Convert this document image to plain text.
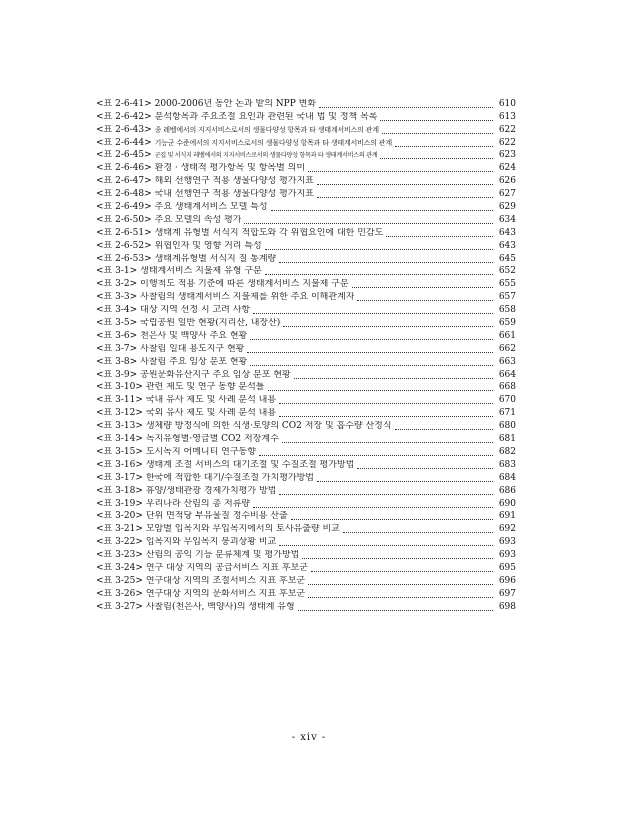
<표 2-6-41> 2000-2006년 동안 논과 밭의 NPP 변화	610
<표 2-6-42> 분석항목과 주요조절 요인과 관련된 국내 법 및 정책 목록	613
<표 2-6-43> 종 레벨에서의 지지서비스로서의 생물다양성 항목과 타 생태계서비스의 관계	622
<표 2-6-44> 기능군 수준에서의 지지서비스로서의 생물다양성 항목과 타 생태계서비스의 관계	622
<표 2-6-45> 군집 및 서식지 레벨에서의 지지서비스로서의 생물다양성 항목과 타 생태계서비스의 관계	623
<표 2-6-46> 환경 · 생태적 평가항목 및 항목별 의미	624
<표 2-6-47> 해외 선행연구 적용 생물다양성 평가지표	626
<표 2-6-48> 국내 선행연구 적용 생물다양성 평가지표	627
<표 2-6-49> 주요 생태계서비스 모델 특성	629
<표 2-6-50> 주요 모델의 속성 평가	634
<표 2-6-51> 생태계 유형별 서식지 적합도와 각 위협요인에 대한 민감도	643
<표 2-6-52> 위협인자 및 영향 거리 특성	643
<표 2-6-53> 생태계유형별 서식지 질 통계량	645
<표 3-1> 생태계서비스 지불제 유형 구분	652
<표 3-2> 이행척도 적용 기준에 따른 생태계서비스 지불제 구분	655
<표 3-3> 사찰림의 생태계서비스 지불제를 위한 주요 이해관계자	657
<표 3-4> 대상 지역 선정 시 고려 사항	658
<표 3-5> 국립공원 일반 현황(지리산, 내장산)	659
<표 3-6> 천은사 및 백양사 주요 현황	661
<표 3-7> 사찰림 일대 용도지구 현황	662
<표 3-8> 사찰림 주요 임상 분포 현황	663
<표 3-9> 공원문화유산지구 주요 임상 분포 현황	664
<표 3-10> 관련 제도 및 연구 동향 분석틀	668
<표 3-11> 국내 유사 제도 및 사례 분석 내용	670
<표 3-12> 국외 유사 제도 및 사례 분석 내용	671
<표 3-13> 생체량 방정식에 의한 식생·토양의 CO2 저장 및 흡수량 산정식	680
<표 3-14> 녹지유형별·영급별 CO2 저장계수	681
<표 3-15> 도시녹지 어메니티 연구동향	682
<표 3-16> 생태계 조절 서비스의 대기조절 및 수질조절 평가방법	683
<표 3-17> 한국에 적합한 대기/수질조절 가치평가방법	684
<표 3-18> 휴양/생태관광 경제가치평가 방법	686
<표 3-19> 우리나라 산림의 총 저류량	690
<표 3-20> 단위 면적당 부유물질 정수비용 산출	691
<표 3-21> 모암별 입목지와 무입목지에서의 토사유출량 비교	692
<표 3-22> 입목지와 무입목지 붕괴상황 비교	693
<표 3-23> 산림의 공익 기능 분류체계 및 평가방법	693
<표 3-24> 연구 대상 지역의 공급서비스 지표 후보군	695
<표 3-25> 연구대상 지역의 조절서비스 지표 후보군	696
<표 3-26> 연구대상 지역의 문화서비스 지표 후보군	697
<표 3-27> 사찰림(천은사, 백양사)의 생태계 유형	698
- xiv -
